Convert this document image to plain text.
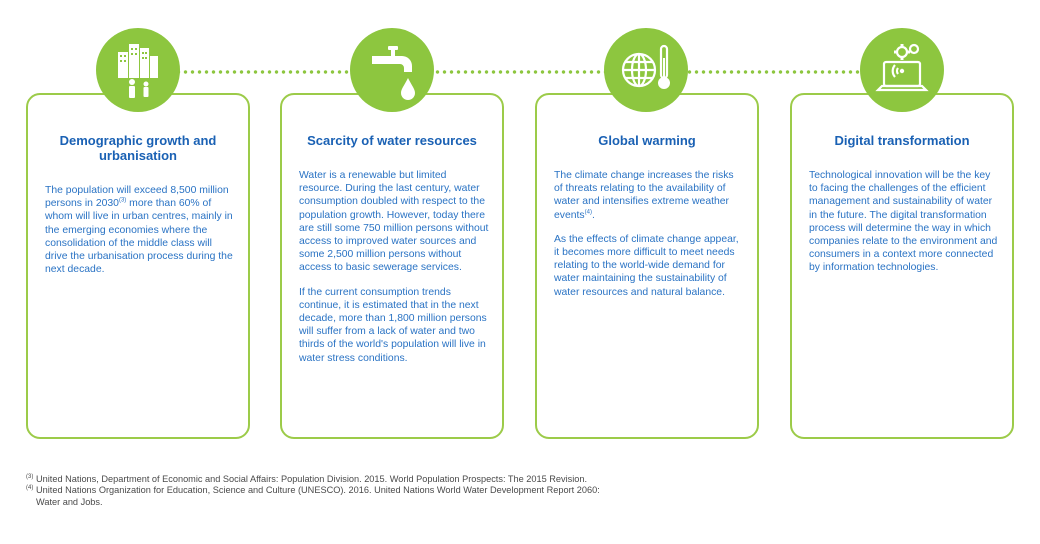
Demographic growth and urbanisation

The population will exceed 8,500 million persons in 2030$^{(3)}$ more than 60% of whom will live in urban centres, mainly in the emerging economies where the consolidation of the middle class will drive the urbanisation process during the next decade.

Scarcity of water resources

Water is a renewable but limited resource. During the last century, water consumption doubled with respect to the population growth. However, today there are still some 750 million persons without access to improved water sources and some 2,500 million persons without access to basic sewerage services.

If the current consumption trends continue, it is estimated that in the next decade, more than 1,800 million persons will suffer from a lack of water and two thirds of the world's population will live in water stress conditions.

Global warming

The climate change increases the risks of threats relating to the availability of water and intensifies extreme weather events$^{(4)}$.

As the effects of climate change appear, it becomes more difficult to meet needs relating to the world-wide demand for water maintaining the sustainability of water resources and natural balance.

Digital transformation

Technological innovation will be the key to facing the challenges of the efficient management and sustainability of water in the future. The digital transformation process will determine the way in which companies relate to the environment and consumers in a context more connected by information technologies.

(3) United Nations, Department of Economic and Social Affairs: Population Division. 2015. World Population Prospects: The 2015 Revision.
(4) United Nations Organization for Education, Science and Culture (UNESCO). 2016. United Nations World Water Development Report 2060: Water and Jobs.
